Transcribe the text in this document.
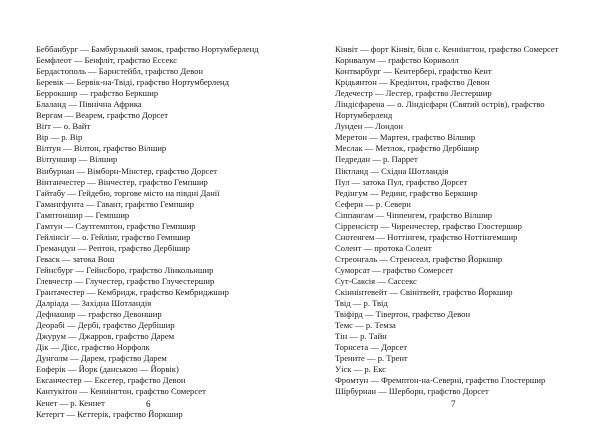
Беббанбург — Бамбурзький замок, графство Нортумберленд
Бемфлеот — Бенфліт, графство Ессекс
Бердастополь — Барнстейбл, графство Девон
Беревік — Бервік-на-Твіді, графство Нортумберленд
Беррокшир — графство Беркшир
Блаланд — Північна Африка
Вергам — Веарем, графство Дорсет
Віґт — о. Вайт
Вір — р. Вір
Вілтун — Вілтон, графство Вілшир
Вілтуншир — Вілшир
Вінбурнан — Вімборн-Мінстер, графство Дорсет
Вінтанчестер — Вінчестер, графство Гемпшир
Гайтабу — Гейдебю, торгове місто на півдні Данії
Гамангфунта — Гавант, графство Гемпшир
Гамптоншир — Гемпшир
Гамтун — Саутгемптон, графство Гемпшир
Гейлінсіґ — о. Гейлінг, графство Гемпшир
Гремандун — Рептон, графство Дербішир
Геваск — затока Вош
Гейнсбург — Гейнсборо, графство Лінкольншир
Глевчестр — Глучестер, графство Глучестершир
Грантачестер — Кембридж, графство Кембриджшир
Далріада — Західна Шотландія
Дефнашир — графство Девоншир
Деорабі — Дербі, графство Дербішир
Джурум — Джарров, графство Дарем
Дік — Дісс, графство Норфолк
Дунголм — Дарем, графство Дарем
Еоферік — Йорк (данською — Йорвік)
Ексанчестер — Ексетер, графство Девон
Кантукітон — Кеннінгтон, графство Сомерсет
Кенет — р. Кеннет
Кетергт — Кеттерік, графство Йоркшир
6
Кінвіт — форт Кінвіт, біля с. Кеннінгтон, графство Сомерсет
Корнвалум — графство Корнволл
Контварбург — Кентербері, графство Кент
Крідьянтон — Кредінтон, графство Девон
Ледечестр — Лестер, графство Лестершир
Ліндісфарена — о. Ліндісфарн (Святий острів), графство
Нортумберленд
Лунден — Лондон
Меретон — Мартен, графство Вілшир
Меслак — Метлок, графство Дербішир
Педредан — р. Паррет
Піктланд — Східна Шотландія
Пул — затока Пул, графство Дорсет
Редінгум — Рединг, графство Беркшир
Сефери — р. Северн
Сіппангам — Чіппенгем, графство Вілшир
Сірренсістр — Чиренчестер, графство Глостершир
Снотенгем — Ноттінгем, графство Ноттінгемшир
Солент — протока Солент
Стреонгаль — Стренсеал, графство Йоркшир
Суморсат — графство Сомерсет
Сут-Саксія — Сассекс
Скіннінтевейт — Свінітвейт, графство Йоркшир
Твід — р. Твід
Твіфірд — Тівертон, графство Девон
Темс — р. Темза
Тін — р. Тайн
Торнсета — Дорсет
Трените — р. Трент
Уіск — р. Екс
Фромтун — Фремптон-на-Северні, графство Глостершир
Шірбурнан — Шерборн, графство Дорсет
7
